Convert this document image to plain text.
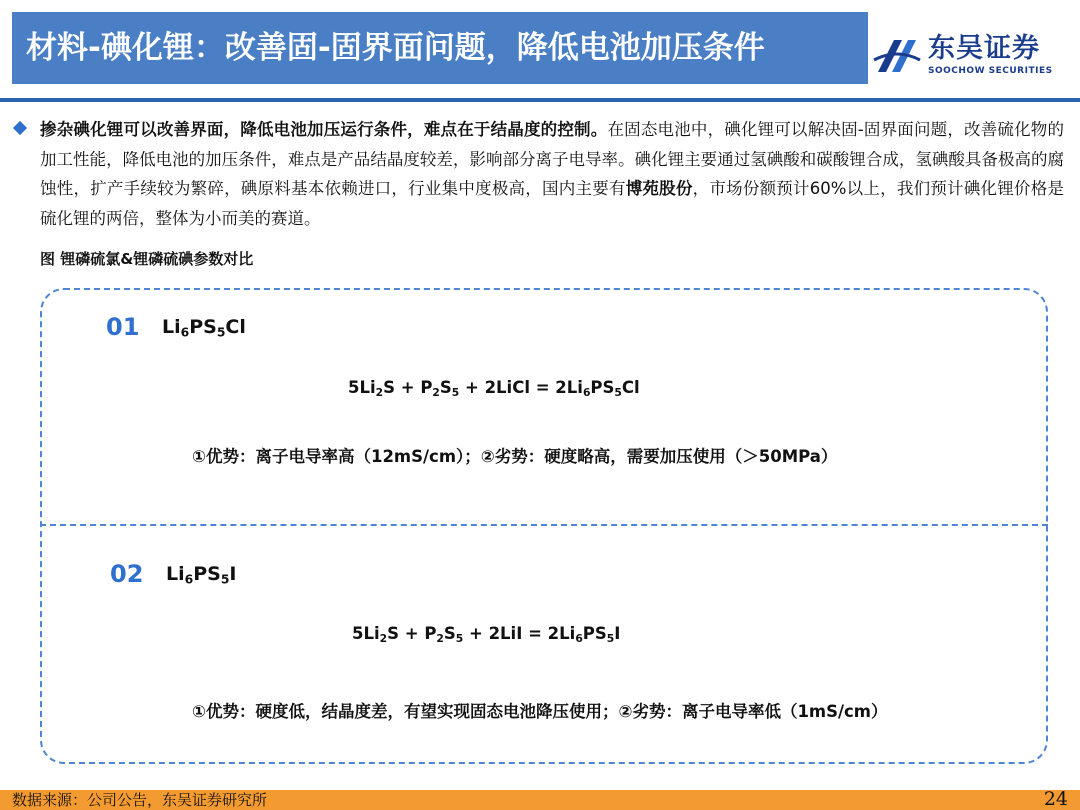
材料-碘化锂：改善固-固界面问题，降低电池加压条件	东吴证券
SOOCHOW SECURITIES
掺杂碘化锂可以改善界面，降低电池加压运行条件，难点在于结晶度的控制。在固态电池中，碘化锂可以解决固-固界面问题，改善硫化物的加工性能，降低电池的加压条件，难点是产品结晶度较差，影响部分离子电导率。碘化锂主要通过氢碘酸和碳酸锂合成，氢碘酸具备极高的腐蚀性，扩产手续较为繁碎，碘原料基本依赖进口，行业集中度极高，国内主要有博苑股份，市场份额预计60%以上，我们预计碘化锂价格是硫化锂的两倍，整体为小而美的赛道。
图 锂磷硫氯&锂磷硫碘参数对比
01 $Li_6PS_5Cl$
$5Li_2S + P_2S_5$ + 2LiCl = $2Li_6PS_5Cl$
①优势：离子电导率高（12mS/cm）；②劣势：硬度略高，需要加压使用（＞50MPa）
02 $Li_6PS_5I$
$5Li_2S + P_2S_5 + 2LiI = 2Li_6PS_5I$
①优势：硬度低，结晶度差，有望实现固态电池降压使用；②劣势：离子电导率低（1mS/cm）
数据来源：公司公告，东吴证券研究所	24
